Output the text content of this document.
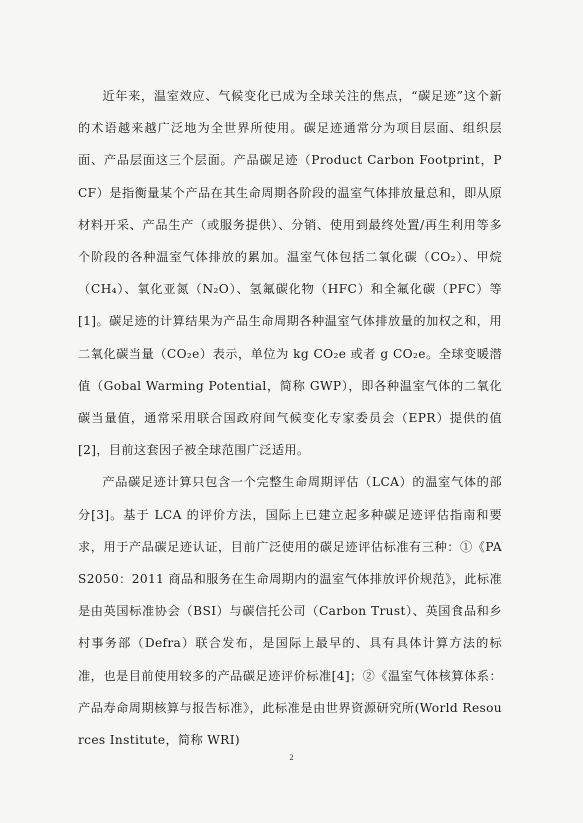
近年来，温室效应、气候变化已成为全球关注的焦点，“碳足迹”这个新的术语越来越广泛地为全世界所使用。碳足迹通常分为项目层面、组织层面、产品层面这三个层面。产品碳足迹（Product Carbon Footprint，PCF）是指衡量某个产品在其生命周期各阶段的温室气体排放量总和，即从原材料开采、产品生产（或服务提供）、分销、使用到最终处置/再生利用等多个阶段的各种温室气体排放的累加。温室气体包括二氧化碳（CO₂）、甲烷（CH₄）、氧化亚氮（N₂O）、氢氟碳化物（HFC）和全氟化碳（PFC）等[1]。碳足迹的计算结果为产品生命周期各种温室气体排放量的加权之和，用二氧化碳当量（CO₂e）表示，单位为 kg CO₂e 或者 g CO₂e。全球变暖潜值（Gobal Warming Potential，简称 GWP），即各种温室气体的二氧化碳当量值，通常采用联合国政府间气候变化专家委员会（EPR）提供的值[2]，目前这套因子被全球范围广泛适用。

产品碳足迹计算只包含一个完整生命周期评估（LCA）的温室气体的部分[3]。基于 LCA 的评价方法，国际上已建立起多种碳足迹评估指南和要求，用于产品碳足迹认证，目前广泛使用的碳足迹评估标准有三种：①《PAS2050：2011 商品和服务在生命周期内的温室气体排放评价规范》，此标准是由英国标准协会（BSI）与碳信托公司（Carbon Trust）、英国食品和乡村事务部（Defra）联合发布，是国际上最早的、具有具体计算方法的标准，也是目前使用较多的产品碳足迹评价标准[4]；②《温室气体核算体系：产品寿命周期核算与报告标准》，此标准是由世界资源研究所(World Resources Institute，简称 WRI)

2
